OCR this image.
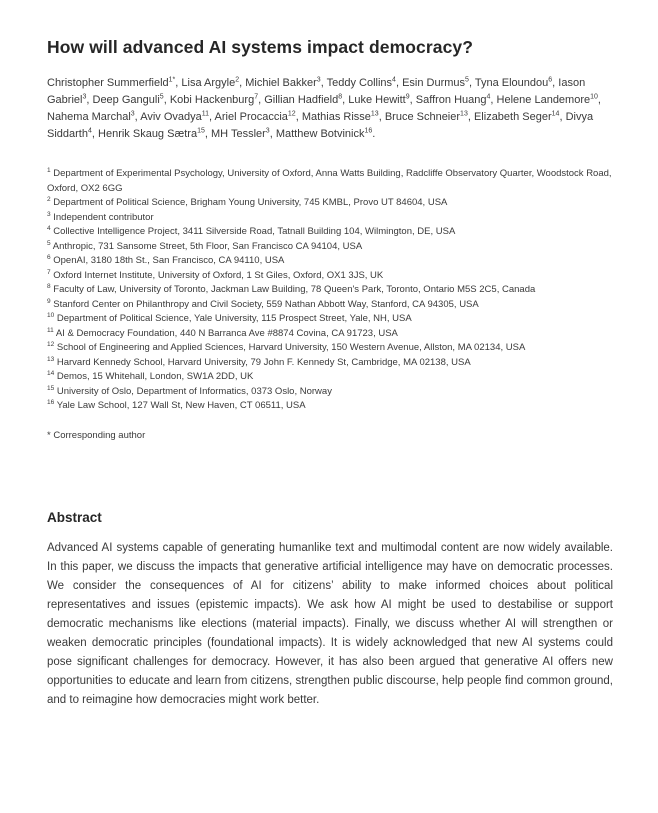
How will advanced AI systems impact democracy?

Christopher Summerfield$^{1*}$, Lisa Argyle$^2$, Michiel Bakker$^3$, Teddy Collins$^4$, Esin Durmus$^5$, Tyna Eloundou$^6$, Iason Gabriel$^3$, Deep Ganguli$^5$, Kobi Hackenburg$^7$, Gillian Hadfield$^8$, Luke Hewitt$^9$, Saffron Huang$^4$, Helene Landemore$^{10}$, Nahema Marchal$^3$, Aviv Ovadya$^{11}$, Ariel Procaccia$^{12}$, Mathias Risse$^{13}$, Bruce Schneier$^{13}$, Elizabeth Seger$^{14}$, Divya Siddarth$^4$, Henrik Skaug Sætra$^{15}$, MH Tessler$^3$, Matthew Botvinick$^{16}$.

$^1$ Department of Experimental Psychology, University of Oxford, Anna Watts Building, Radcliffe Observatory Quarter, Woodstock Road, Oxford, OX2 6GG
$^2$ Department of Political Science, Brigham Young University, 745 KMBL, Provo UT 84604, USA
$^3$ Independent contributor
$^4$ Collective Intelligence Project, 3411 Silverside Road, Tatnall Building 104, Wilmington, DE, USA
$^5$ Anthropic, 731 Sansome Street, 5th Floor, San Francisco CA 94104, USA
$^6$ OpenAI, 3180 18th St., San Francisco, CA 94110, USA
$^7$ Oxford Internet Institute, University of Oxford, 1 St Giles, Oxford, OX1 3JS, UK
$^8$ Faculty of Law, University of Toronto, Jackman Law Building, 78 Queen's Park, Toronto, Ontario M5S 2C5, Canada
$^9$ Stanford Center on Philanthropy and Civil Society, 559 Nathan Abbott Way, Stanford, CA 94305, USA
$^{10}$ Department of Political Science, Yale University, 115 Prospect Street, Yale, NH, USA
$^{11}$ AI & Democracy Foundation, 440 N Barranca Ave #8874 Covina, CA 91723, USA
$^{12}$ School of Engineering and Applied Sciences, Harvard University, 150 Western Avenue, Allston, MA 02134, USA
$^{13}$ Harvard Kennedy School, Harvard University, 79 John F. Kennedy St, Cambridge, MA 02138, USA
$^{14}$ Demos, 15 Whitehall, London, SW1A 2DD, UK
$^{15}$ University of Oslo, Department of Informatics, 0373 Oslo, Norway
$^{16}$ Yale Law School, 127 Wall St, New Haven, CT 06511, USA

* Corresponding author

Abstract

Advanced AI systems capable of generating humanlike text and multimodal content are now widely available. In this paper, we discuss the impacts that generative artificial intelligence may have on democratic processes. We consider the consequences of AI for citizens’ ability to make informed choices about political representatives and issues (epistemic impacts). We ask how AI might be used to destabilise or support democratic mechanisms like elections (material impacts). Finally, we discuss whether AI will strengthen or weaken democratic principles (foundational impacts). It is widely acknowledged that new AI systems could pose significant challenges for democracy. However, it has also been argued that generative AI offers new opportunities to educate and learn from citizens, strengthen public discourse, help people find common ground, and to reimagine how democracies might work better.
